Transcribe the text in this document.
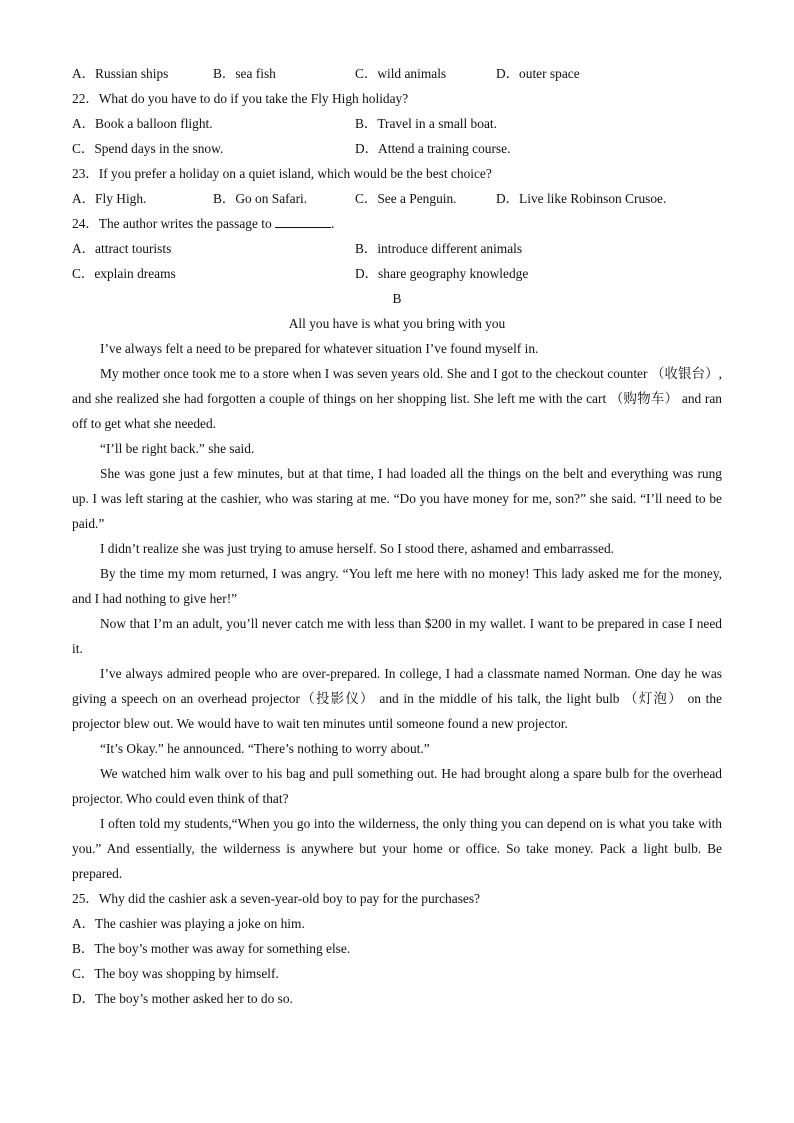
A．Russian ships	B．sea fish	C．wild animals	D．outer space
22．What do you have to do if you take the Fly High holiday?
A．Book a balloon flight.	B．Travel in a small boat.
C．Spend days in the snow.	D．Attend a training course.
23．If you prefer a holiday on a quiet island, which would be the best choice?
A．Fly High.	B．Go on Safari.	C．See a Penguin.	D．Live like Robinson Crusoe.
24．The author writes the passage to	.
A．attract tourists	B．introduce different animals
C．explain dreams	D．share geography knowledge
B
All you have is what you bring with you

I’ve always felt a need to be prepared for whatever situation I’ve found myself in.

My mother once took me to a store when I was seven years old. She and I got to the checkout counter （收银台）, and she realized she had forgotten a couple of things on her shopping list. She left me with the cart （购物车） and ran off to get what she needed.

“I’ll be right back.” she said.

She was gone just a few minutes, but at that time, I had loaded all the things on the belt and everything was rung up. I was left staring at the cashier, who was staring at me. “Do you have money for me, son?” she said. “I’ll need to be paid.”

I didn’t realize she was just trying to amuse herself. So I stood there, ashamed and embarrassed.

By the time my mom returned, I was angry. “You left me here with no money! This lady asked me for the money, and I had nothing to give her!”

Now that I’m an adult, you’ll never catch me with less than $200 in my wallet. I want to be prepared in case I need it.

I’ve always admired people who are over-prepared. In college, I had a classmate named Norman. One day he was giving a speech on an overhead projector（投影仪） and in the middle of his talk, the light bulb （灯泡） on the projector blew out. We would have to wait ten minutes until someone found a new projector.

“It’s Okay.” he announced. “There’s nothing to worry about.”

We watched him walk over to his bag and pull something out. He had brought along a spare bulb for the overhead projector. Who could even think of that?

I often told my students,“When you go into the wilderness, the only thing you can depend on is what you take with you.” And essentially, the wilderness is anywhere but your home or office. So take money. Pack a light bulb. Be prepared.

25．Why did the cashier ask a seven-year-old boy to pay for the purchases?
A．The cashier was playing a joke on him.
B．The boy’s mother was away for something else.
C．The boy was shopping by himself.
D．The boy’s mother asked her to do so.
